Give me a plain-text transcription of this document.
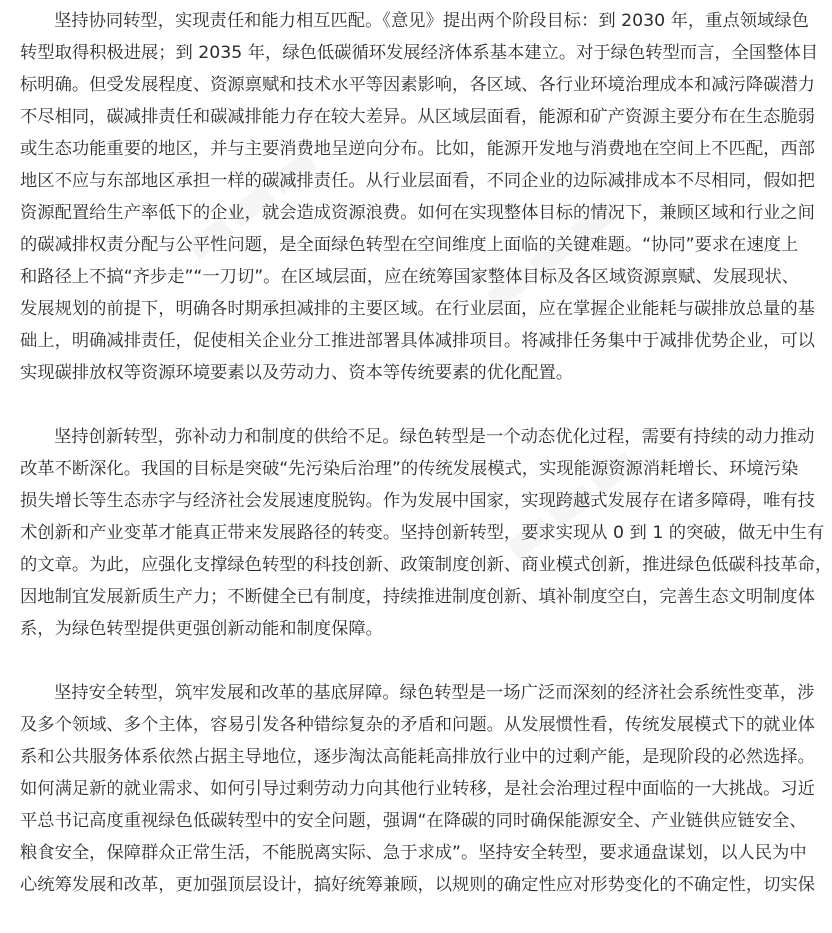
▬▬▬ ▬▬▬
▬▬▬
坚持协同转型，实现责任和能力相互匹配。《意见》提出两个阶段目标：到 2030 年，重点领域绿色
转型取得积极进展；到 2035 年，绿色低碳循环发展经济体系基本建立。对于绿色转型而言，全国整体目
标明确。但受发展程度、资源禀赋和技术水平等因素影响，各区域、各行业环境治理成本和减污降碳潜力
不尽相同，碳减排责任和碳减排能力存在较大差异。从区域层面看，能源和矿产资源主要分布在生态脆弱
或生态功能重要的地区，并与主要消费地呈逆向分布。比如，能源开发地与消费地在空间上不匹配，西部
地区不应与东部地区承担一样的碳减排责任。从行业层面看，不同企业的边际减排成本不尽相同，假如把
资源配置给生产率低下的企业，就会造成资源浪费。如何在实现整体目标的情况下，兼顾区域和行业之间
的碳减排权责分配与公平性问题，是全面绿色转型在空间维度上面临的关键难题。“协同”要求在速度上
和路径上不搞“齐步走”“一刀切”。在区域层面，应在统筹国家整体目标及各区域资源禀赋、发展现状、
发展规划的前提下，明确各时期承担减排的主要区域。在行业层面，应在掌握企业能耗与碳排放总量的基
础上，明确减排责任，促使相关企业分工推进部署具体减排项目。将减排任务集中于减排优势企业，可以
实现碳排放权等资源环境要素以及劳动力、资本等传统要素的优化配置。
坚持创新转型，弥补动力和制度的供给不足。绿色转型是一个动态优化过程，需要有持续的动力推动
改革不断深化。我国的目标是突破“先污染后治理”的传统发展模式，实现能源资源消耗增长、环境污染
损失增长等生态赤字与经济社会发展速度脱钩。作为发展中国家，实现跨越式发展存在诸多障碍，唯有技
术创新和产业变革才能真正带来发展路径的转变。坚持创新转型，要求实现从 0 到 1 的突破，做无中生有
的文章。为此，应强化支撑绿色转型的科技创新、政策制度创新、商业模式创新，推进绿色低碳科技革命，
因地制宜发展新质生产力；不断健全已有制度，持续推进制度创新、填补制度空白，完善生态文明制度体
系，为绿色转型提供更强创新动能和制度保障。
坚持安全转型，筑牢发展和改革的基底屏障。绿色转型是一场广泛而深刻的经济社会系统性变革，涉
及多个领域、多个主体，容易引发各种错综复杂的矛盾和问题。从发展惯性看，传统发展模式下的就业体
系和公共服务体系依然占据主导地位，逐步淘汰高能耗高排放行业中的过剩产能，是现阶段的必然选择。
如何满足新的就业需求、如何引导过剩劳动力向其他行业转移，是社会治理过程中面临的一大挑战。习近
平总书记高度重视绿色低碳转型中的安全问题，强调“在降碳的同时确保能源安全、产业链供应链安全、
粮食安全，保障群众正常生活，不能脱离实际、急于求成”。坚持安全转型，要求通盘谋划，以人民为中
心统筹发展和改革，更加强顶层设计，搞好统筹兼顾，以规则的确定性应对形势变化的不确定性，切实保
